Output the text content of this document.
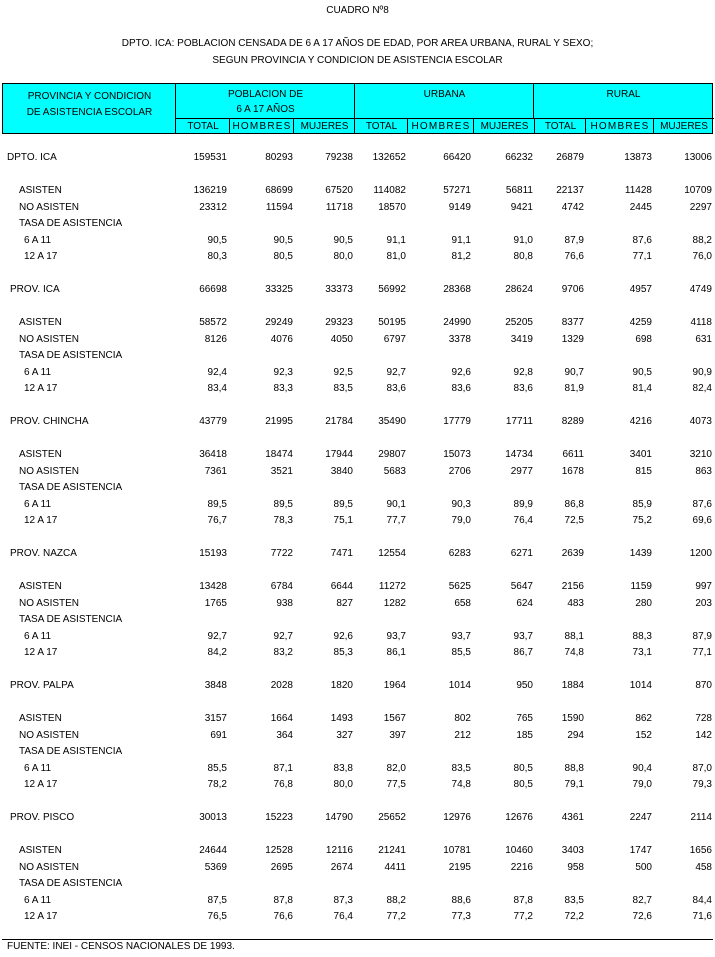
CUADRO Nº8
DPTO. ICA: POBLACION CENSADA DE 6 A 17 AÑOS DE EDAD, POR AREA URBANA, RURAL Y SEXO;
SEGUN PROVINCIA Y CONDICION DE ASISTENCIA ESCOLAR
PROVINCIA Y CONDICION
DE ASISTENCIA ESCOLAR
POBLACION DE
6 A 17 AÑOS
URBANA	RURAL
TOTAL	HOMBRES MUJERES	TOTAL	HOMBRES	MUJERES	TOTAL	HOMBRES	MUJERES
DPTO. ICA	159531	80293	79238	132652	66420	66232	26879	13873	13006
ASISTEN	136219	68699	67520	114082	57271	56811	22137	11428	10709
NO ASISTEN	23312	11594	11718	18570	9149	9421	4742	2445	2297
TASA DE ASISTENCIA
6 A 11	90,5	90,5	90,5	91,1	91,1	91,0	87,9	87,6	88,2
12 A 17	80,3	80,5	80,0	81,0	81,2	80,8	76,6	77,1	76,0
PROV. ICA	66698	33325	33373	56992	28368	28624	9706	4957	4749
ASISTEN	58572	29249	29323	50195	24990	25205	8377	4259	4118
NO ASISTEN	8126	4076	4050	6797	3378	3419	1329	698	631
TASA DE ASISTENCIA
6 A 11	92,4	92,3	92,5	92,7	92,6	92,8	90,7	90,5	90,9
12 A 17	83,4	83,3	83,5	83,6	83,6	83,6	81,9	81,4	82,4
PROV. CHINCHA	43779	21995	21784	35490	17779	17711	8289	4216	4073
ASISTEN	36418	18474	17944	29807	15073	14734	6611	3401	3210
NO ASISTEN	7361	3521	3840	5683	2706	2977	1678	815	863
TASA DE ASISTENCIA
6 A 11	89,5	89,5	89,5	90,1	90,3	89,9	86,8	85,9	87,6
12 A 17	76,7	78,3	75,1	77,7	79,0	76,4	72,5	75,2	69,6
PROV. NAZCA	15193	7722	7471	12554	6283	6271	2639	1439	1200
ASISTEN	13428	6784	6644	11272	5625	5647	2156	1159	997
NO ASISTEN	1765	938	827	1282	658	624	483	280	203
TASA DE ASISTENCIA
6 A 11	92,7	92,7	92,6	93,7	93,7	93,7	88,1	88,3	87,9
12 A 17	84,2	83,2	85,3	86,1	85,5	86,7	74,8	73,1	77,1
PROV. PALPA	3848	2028	1820	1964	1014	950	1884	1014	870
ASISTEN	3157	1664	1493	1567	802	765	1590	862	728
NO ASISTEN	691	364	327	397	212	185	294	152	142
TASA DE ASISTENCIA
6 A 11	85,5	87,1	83,8	82,0	83,5	80,5	88,8	90,4	87,0
12 A 17	78,2	76,8	80,0	77,5	74,8	80,5	79,1	79,0	79,3
PROV. PISCO	30013	15223	14790	25652	12976	12676	4361	2247	2114
ASISTEN	24644	12528	12116	21241	10781	10460	3403	1747	1656
NO ASISTEN	5369	2695	2674	4411	2195	2216	958	500	458
TASA DE ASISTENCIA
6 A 11	87,5	87,8	87,3	88,2	88,6	87,8	83,5	82,7	84,4
12 A 17	76,5	76,6	76,4	77,2	77,3	77,2	72,2	72,6	71,6
FUENTE: INEI - CENSOS NACIONALES DE 1993.
